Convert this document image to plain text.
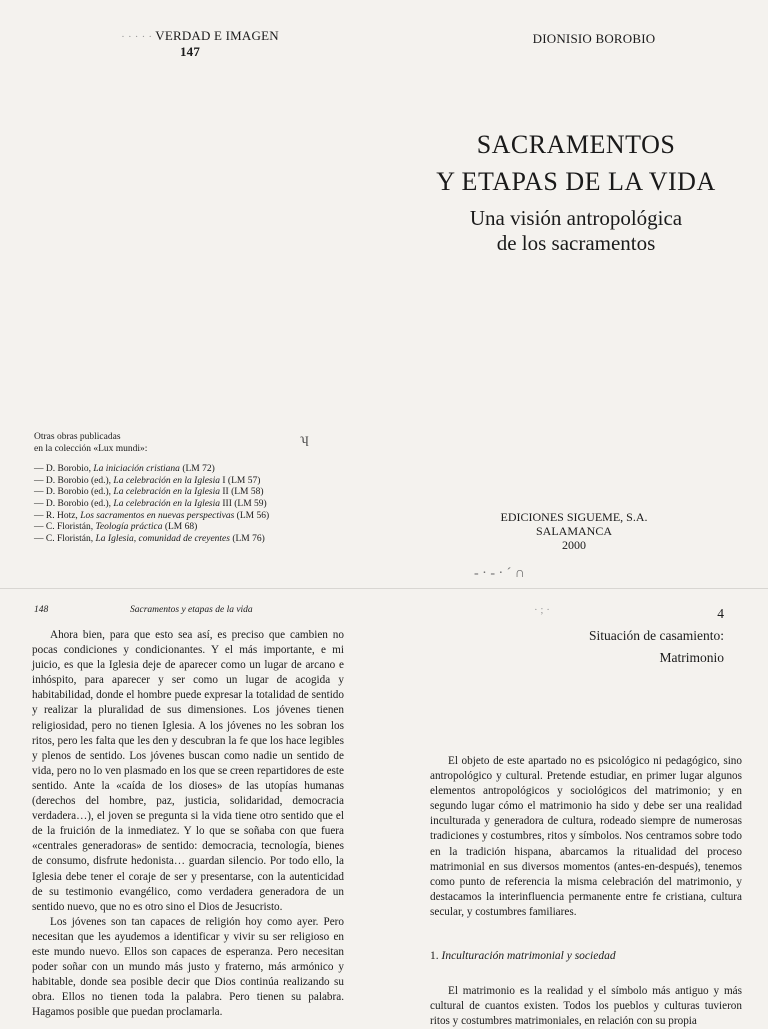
· · · · · VERDAD E IMAGEN
147

Otras obras publicadas

en la colección «Lux mundi»:

— D. Borobio, La iniciación cristiana (LM 72)

— D. Borobio (ed.), La celebración en la Iglesia I (LM 57)

— D. Borobio (ed.), La celebración en la Iglesia II (LM 58)

— D. Borobio (ed.), La celebración en la Iglesia III (LM 59)

— R. Hotz, Los sacramentos en nuevas perspectivas (LM 56)

— C. Floristán, Teología práctica (LM 68)

— C. Floristán, La Iglesia, comunidad de creyentes (LM 76)

ʮ
DIONISIO BOROBIO
SACRAMENTOS
Y ETAPAS DE LA VIDA
Una visión antropológica
de los sacramentos
EDICIONES SIGUEME, S.A.
SALAMANCA
2000
- · - · ˊ ∩
148	Sacramentos y etapas de la vida

Ahora bien, para que esto sea así, es preciso que cambien no pocas condiciones y condicionantes. Y el más importante, e mi juicio, es que la Iglesia deje de aparecer como un lugar de arcano e inhóspito, para aparecer y ser como un lugar de acogida y habitabilidad, donde el hombre puede expresar la totalidad de sentido y realizar la pluralidad de sus dimensiones. Los jóvenes tienen religiosidad, pero no tienen Iglesia. A los jóvenes no les sobran los ritos, pero les falta que les den y descubran la fe que los hace legibles y plenos de sentido. Los jóvenes buscan como nadie un sentido de vida, pero no lo ven plasmado en los que se creen repartidores de este sentido. Ante la «caída de los dioses» de las utopías humanas (derechos del hombre, paz, justicia, solidaridad, democracia verdadera…), el joven se pregunta si la vida tiene otro sentido que el de la fruición de la inmediatez. Y lo que se soñaba con que fuera «centrales generadoras» de sentido: democracia, tecnología, bienes de consumo, disfrute hedonista… guardan silencio. Por todo ello, la Iglesia debe tener el coraje de ser y presentarse, con la autenticidad de su testimonio evangélico, como verdadera generadora de un sentido nuevo, que no es otro sino el Dios de Jesucristo.

Los jóvenes son tan capaces de religión hoy como ayer. Pero necesitan que les ayudemos a identificar y vivir su ser religioso en este mundo nuevo. Ellos son capaces de esperanza. Pero necesitan poder soñar con un mundo más justo y fraterno, más armónico y habitable, donde sea posible decir que Dios continúa realizando su obra. Ellos no tienen toda la palabra. Pero tienen su palabra. Hagamos posible que puedan proclamarla.

· ; ·	4
Situación de casamiento:
Matrimonio

El objeto de este apartado no es psicológico ni pedagógico, sino antropológico y cultural. Pretende estudiar, en primer lugar algunos elementos antropológicos y sociológicos del matrimonio; y en segundo lugar cómo el matrimonio ha sido y debe ser una realidad inculturada y generadora de cultura, rodeado siempre de numerosas tradiciones y costumbres, ritos y símbolos. Nos centramos sobre todo en la tradición hispana, abarcamos la ritualidad del proceso matrimonial en sus diversos momentos (antes-en-después), tenemos como punto de referencia la misma celebración del matrimonio, y destacamos la interinfluencia permanente entre fe cristiana, cultura secular, y costumbres familiares.

1. Inculturación matrimonial y sociedad

El matrimonio es la realidad y el símbolo más antiguo y más cultural de cuantos existen. Todos los pueblos y culturas tuvieron ritos y costumbres matrimoniales, en relación con su propia
